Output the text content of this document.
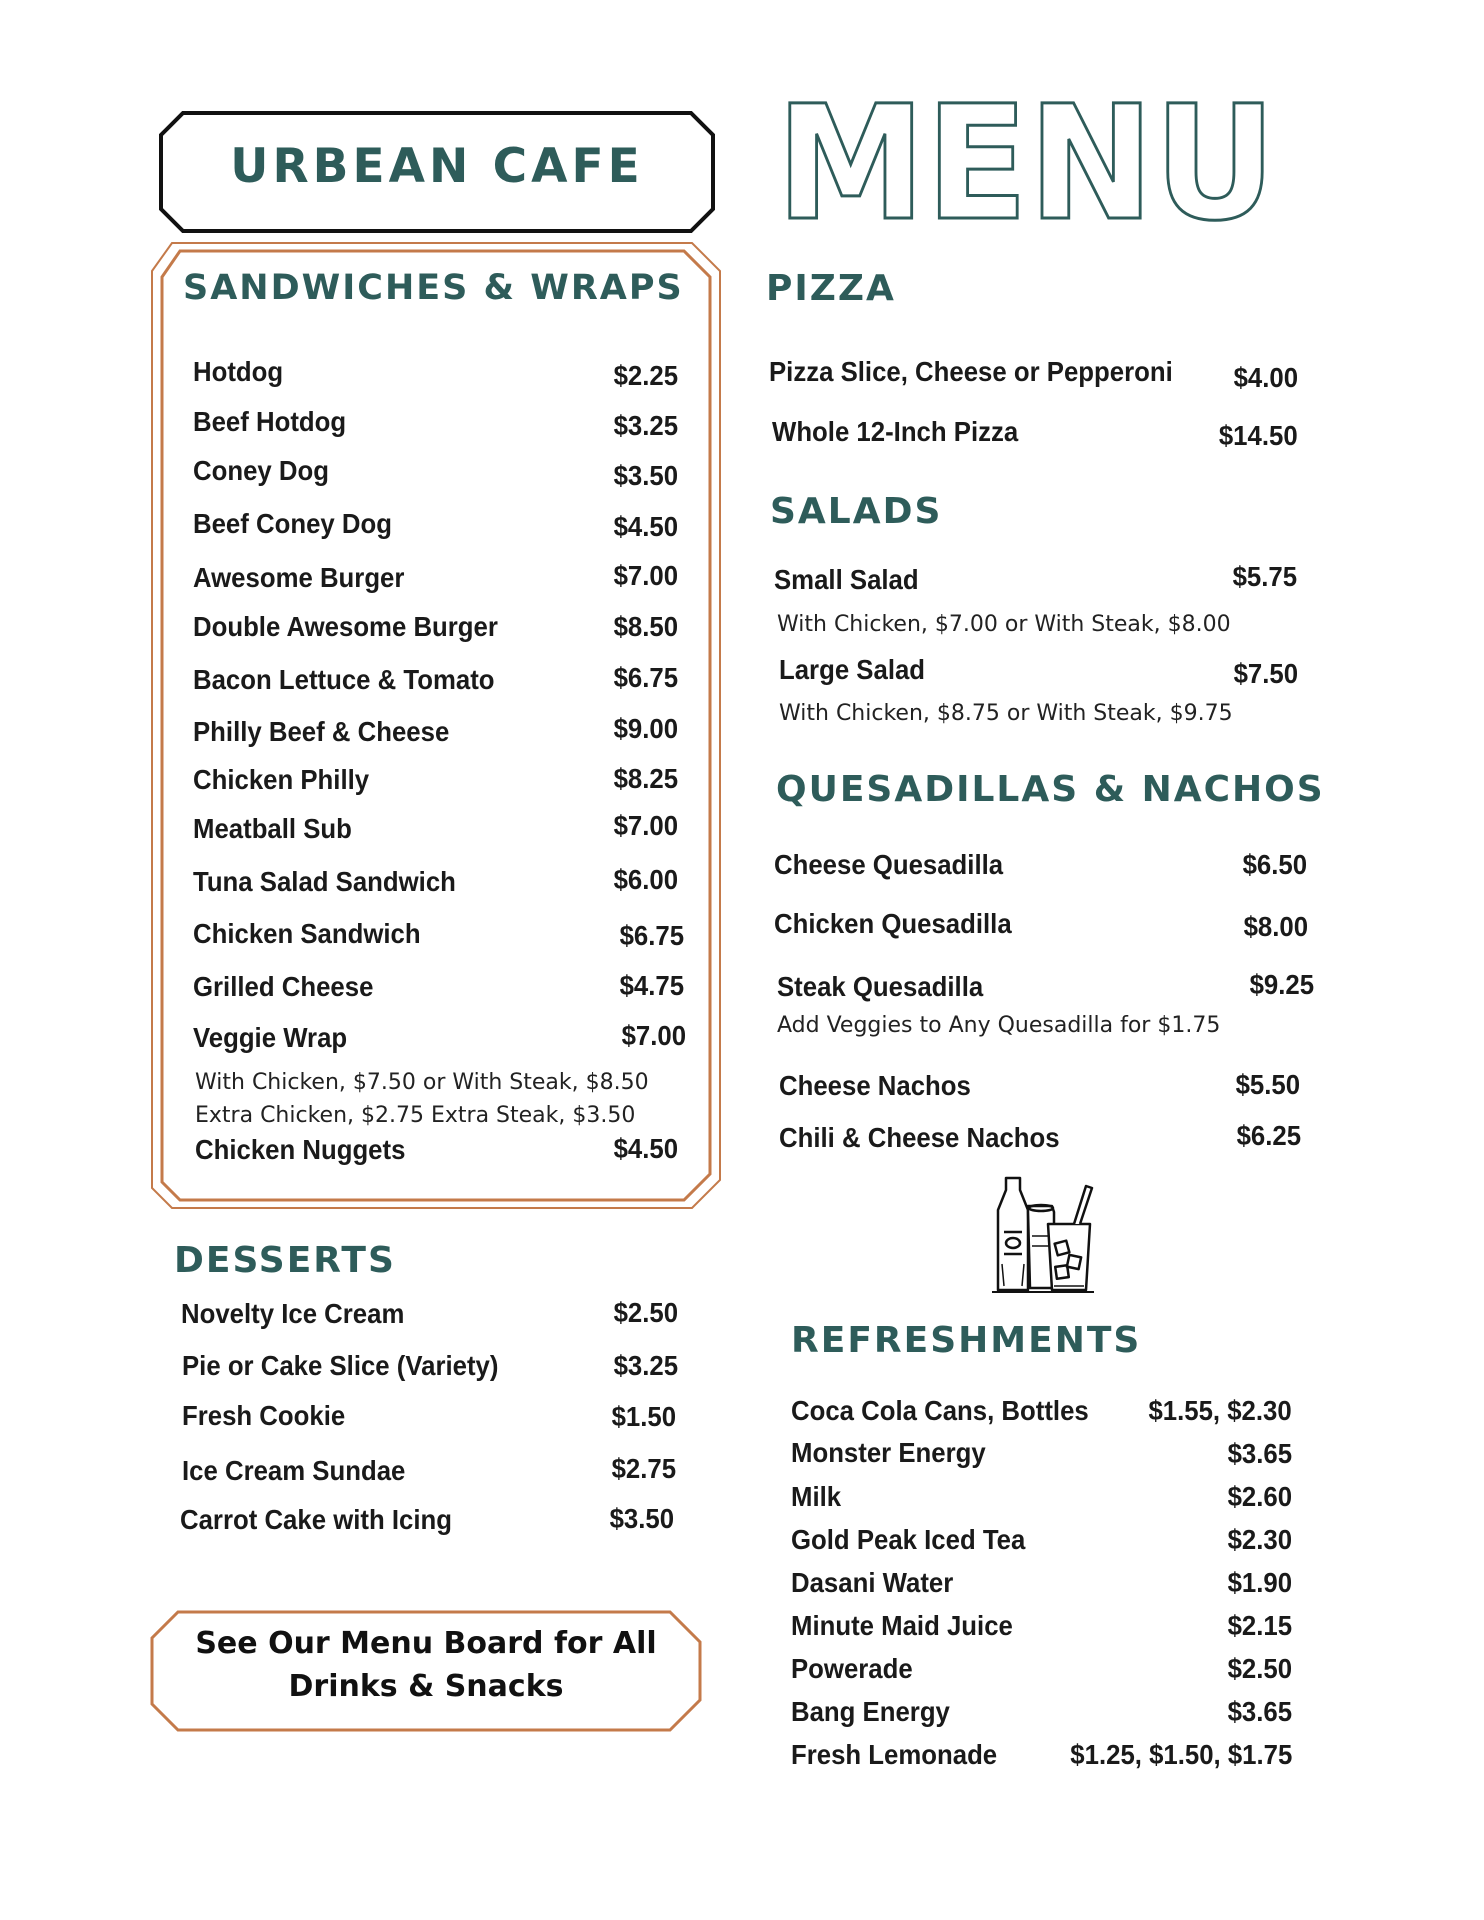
URBEAN CAFE MENU
SANDWICHES & WRAPS
Hotdog	$2.25
Beef Hotdog	$3.25
Coney Dog	$3.50
Beef Coney Dog	$4.50
Awesome Burger	$7.00
Double Awesome Burger	$8.50
Bacon Lettuce & Tomato	$6.75
Philly Beef & Cheese	$9.00
Chicken Philly	$8.25
Meatball Sub	$7.00
Tuna Salad Sandwich	$6.00
Chicken Sandwich	$6.75
Grilled Cheese	$4.75
Veggie Wrap	$7.00
With Chicken, $7.50 or With Steak, $8.50
Extra Chicken, $2.75 Extra Steak, $3.50
Chicken Nuggets	$4.50
DESSERTS
Novelty Ice Cream	$2.50
Pie or Cake Slice (Variety)	$3.25
Fresh Cookie	$1.50
Ice Cream Sundae	$2.75
Carrot Cake with Icing	$3.50
See Our Menu Board for All
Drinks & Snacks
PIZZA
Pizza Slice, Cheese or Pepperoni $4.00
Whole 12-Inch Pizza	$14.50
SALADS
Small Salad	$5.75
With Chicken, $7.00 or With Steak, $8.00
Large Salad	$7.50
With Chicken, $8.75 or With Steak, $9.75
QUESADILLAS & NACHOS
Cheese Quesadilla	$6.50
Chicken Quesadilla	$8.00
Steak Quesadilla	$9.25
Add Veggies to Any Quesadilla for $1.75
Cheese Nachos	$5.50
Chili & Cheese Nachos	$6.25
REFRESHMENTS
Coca Cola Cans, Bottles $1.55, $2.30
Monster Energy	$3.65
Milk	$2.60
Gold Peak Iced Tea	$2.30
Dasani Water	$1.90
Minute Maid Juice	$2.15
Powerade	$2.50
Bang Energy	$3.65
Fresh Lemonade	$1.25, $1.50, $1.75
